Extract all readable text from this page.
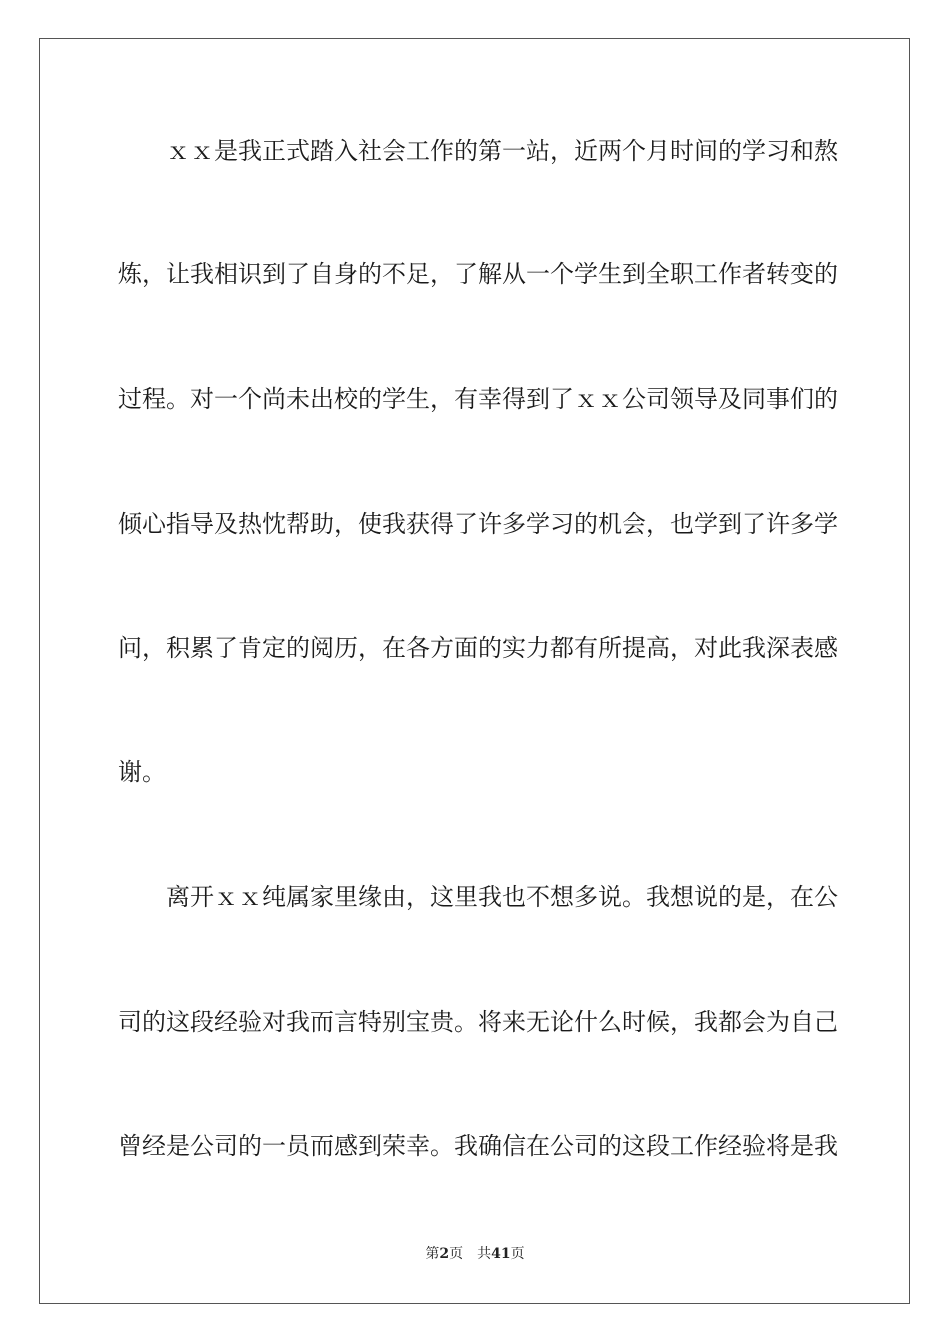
ｘｘ是我正式踏入社会工作的第一站，近两个月时间的学习和熬
炼，让我相识到了自身的不足，了解从一个学生到全职工作者转变的
过程。对一个尚未出校的学生，有幸得到了ｘｘ公司领导及同事们的
倾心指导及热忱帮助，使我获得了许多学习的机会，也学到了许多学
问，积累了肯定的阅历，在各方面的实力都有所提高，对此我深表感
谢。
离开ｘｘ纯属家里缘由，这里我也不想多说。我想说的是，在公
司的这段经验对我而言特别宝贵。将来无论什么时候，我都会为自己
曾经是公司的一员而感到荣幸。我确信在公司的这段工作经验将是我
第2页 共41页
